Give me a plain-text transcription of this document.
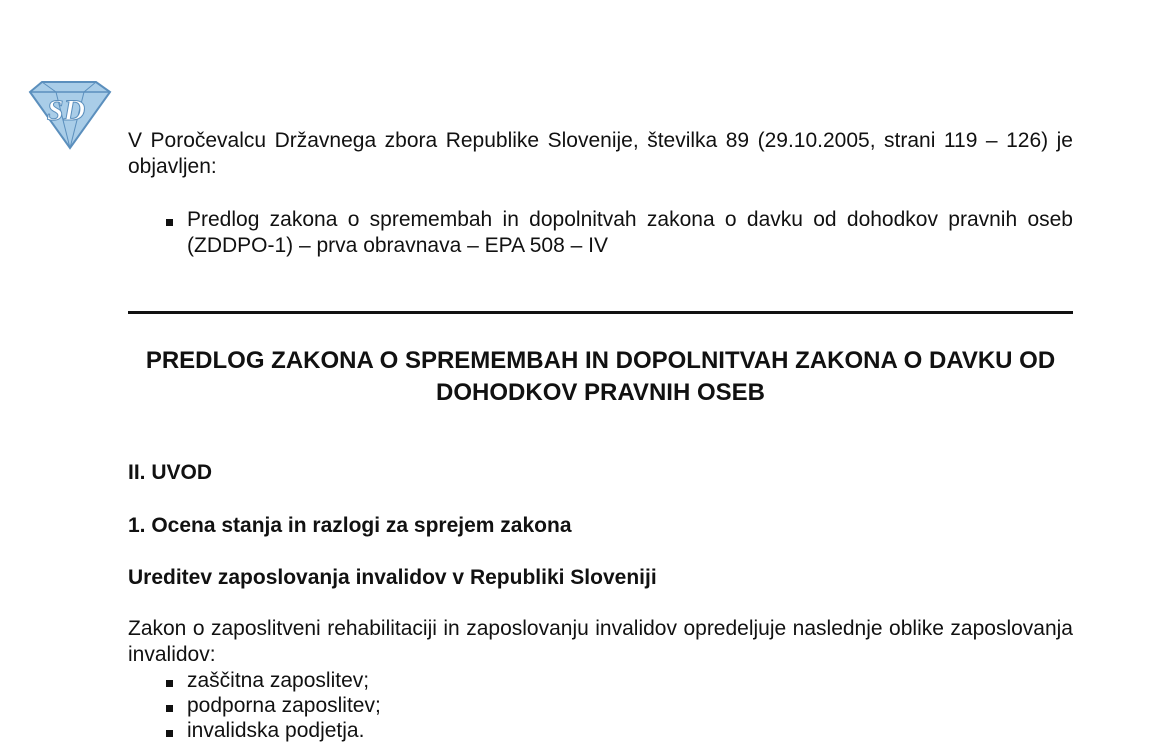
SD

V Poročevalcu Državnega zbora Republike Slovenije, številka 89 (29.10.2005, strani 119 – 126) je objavljen:

Predlog zakona o spremembah in dopolnitvah zakona o davku od dohodkov pravnih oseb (ZDDPO-1) – prva obravnava – EPA 508 – IV
PREDLOG ZAKONA O SPREMEMBAH IN DOPOLNITVAH ZAKONA O DAVKU OD DOHODKOV PRAVNIH OSEB
II. UVOD
1. Ocena stanja in razlogi za sprejem zakona
Ureditev zaposlovanja invalidov v Republiki Sloveniji

Zakon o zaposlitveni rehabilitaciji in zaposlovanju invalidov opredeljuje naslednje oblike zaposlovanja invalidov:

zaščitna zaposlitev;
podporna zaposlitev;
invalidska podjetja.
